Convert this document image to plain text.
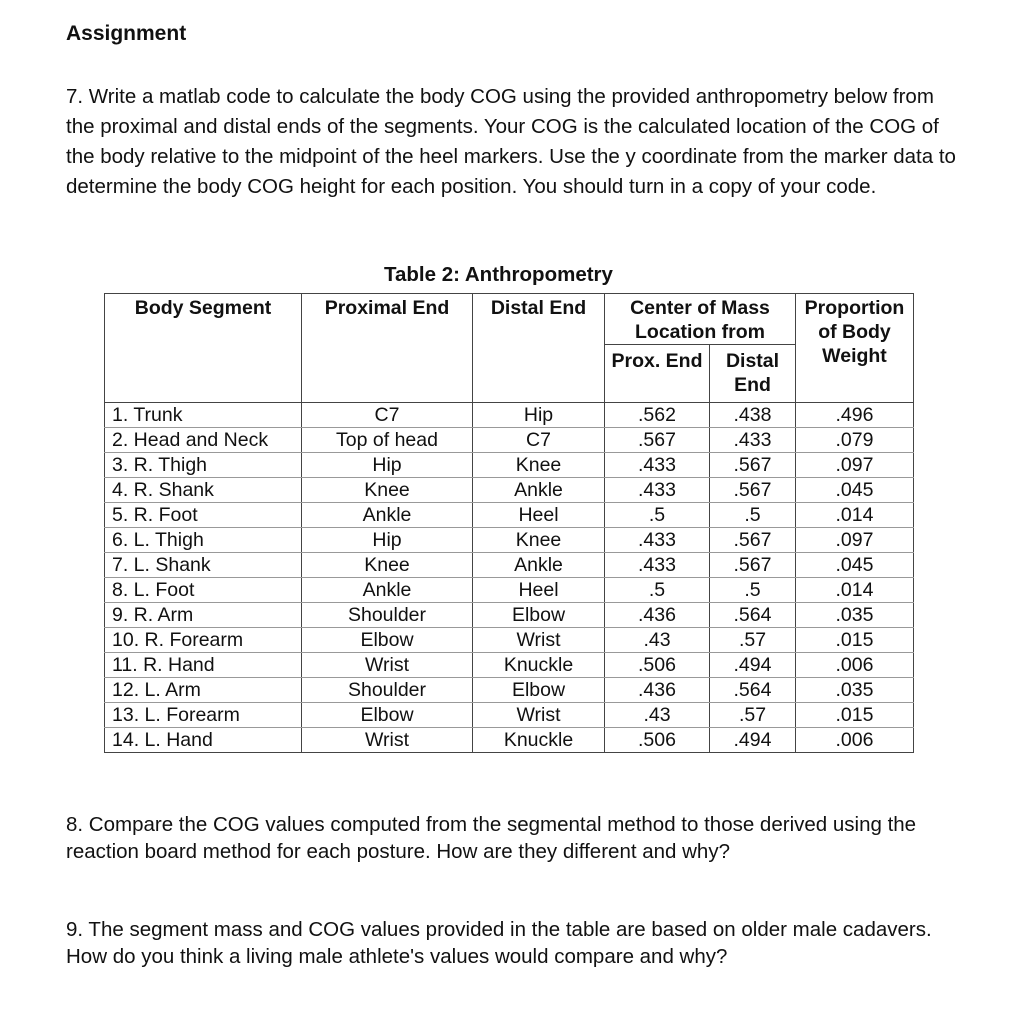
Assignment
7. Write a matlab code to calculate the body COG using the provided anthropometry below from the proximal and distal ends of the segments. Your COG is the calculated location of the COG of the body relative to the midpoint of the heel markers. Use the y coordinate from the marker data to determine the body COG height for each position. You should turn in a copy of your code.
Table 2: Anthropometry
Body Segment	Proximal End	Distal End	Center of Mass Location from		Proportion of Body Weight
			Prox. End	Distal End	
1. Trunk	C7	Hip	.562	.438	.496
2. Head and Neck	Top of head	C7	.567	.433	.079
3. R. Thigh	Hip	Knee	.433	.567	.097
4. R. Shank	Knee	Ankle	.433	.567	.045
5. R. Foot	Ankle	Heel	.5	.5	.014
6. L. Thigh	Hip	Knee	.433	.567	.097
7. L. Shank	Knee	Ankle	.433	.567	.045
8. L. Foot	Ankle	Heel	.5	.5	.014
9. R. Arm	Shoulder	Elbow	.436	.564	.035
10. R. Forearm	Elbow	Wrist	.43	.57	.015
11. R. Hand	Wrist	Knuckle	.506	.494	.006
12. L. Arm	Shoulder	Elbow	.436	.564	.035
13. L. Forearm	Elbow	Wrist	.43	.57	.015
14. L. Hand	Wrist	Knuckle	.506	.494	.006
8. Compare the COG values computed from the segmental method to those derived using the reaction board method for each posture. How are they different and why?
9. The segment mass and COG values provided in the table are based on older male cadavers. How do you think a living male athlete's values would compare and why?
